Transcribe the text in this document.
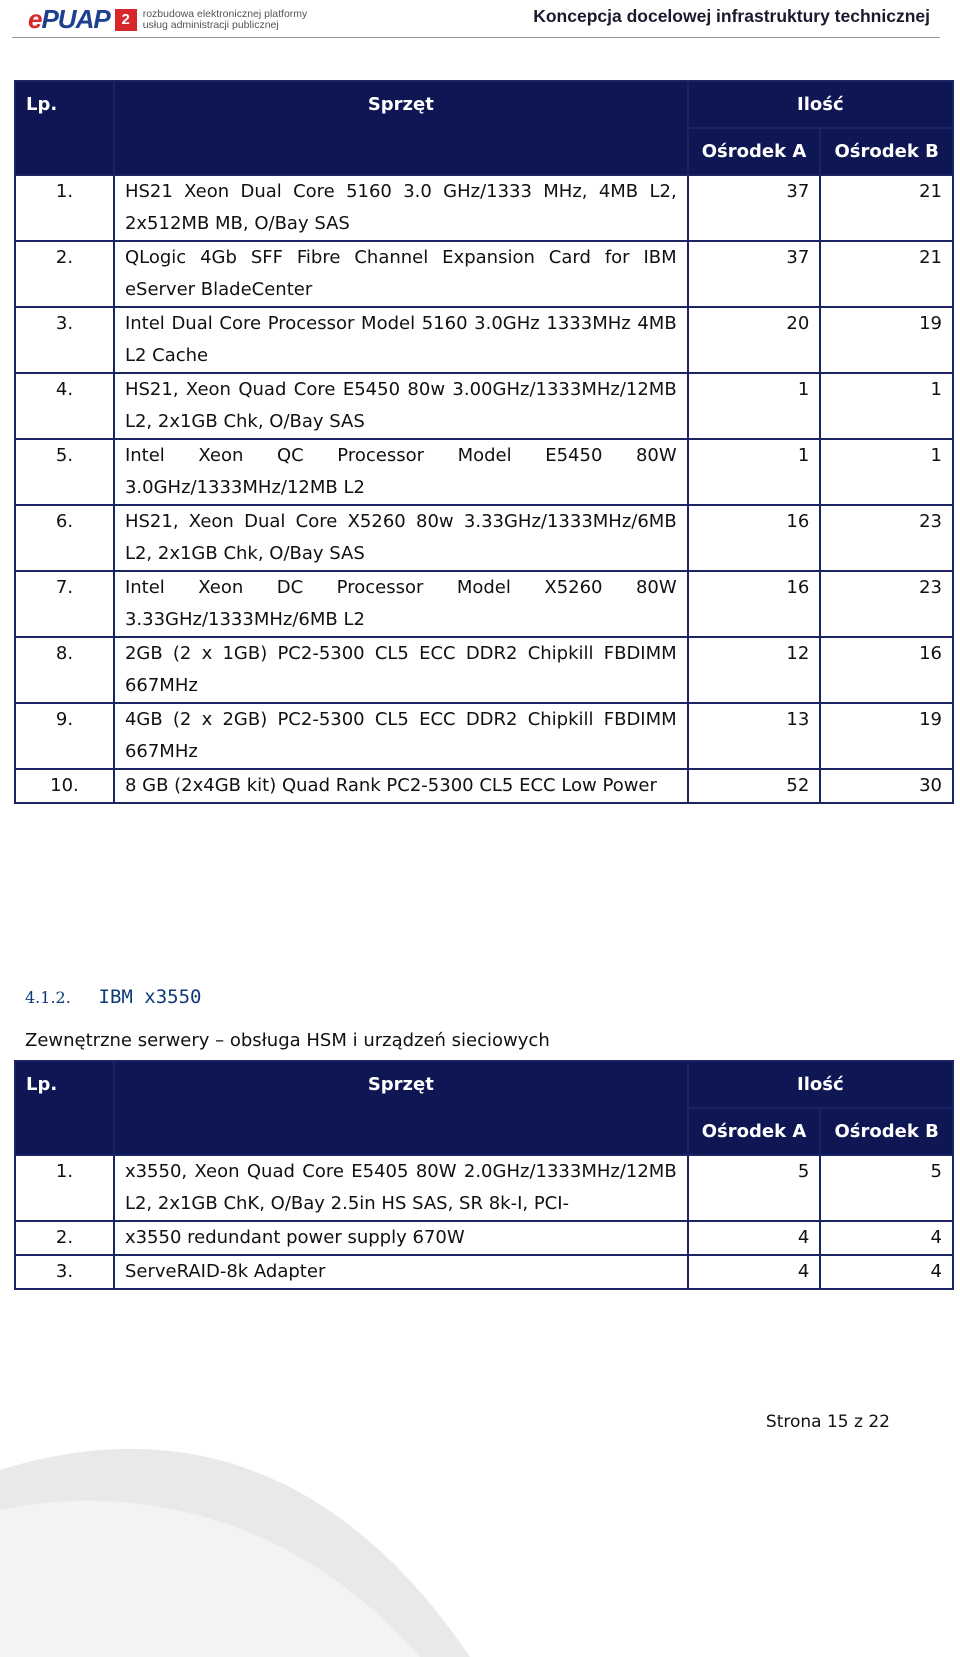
ePUAP 2	rozbudowa elektronicznej platformy
usług administracji publicznej	Koncepcja docelowej infrastruktury technicznej
Lp.	Sprzęt	Ilość	
		Ośrodek A	Ośrodek B
1.	HS21 Xeon Dual Core 5160 3.0 GHz/1333 MHz, 4MB L2, 2x512MB MB, O/Bay SAS	37	21
2.	QLogic 4Gb SFF Fibre Channel Expansion Card for IBM eServer BladeCenter	37	21
3.	Intel Dual Core Processor Model 5160 3.0GHz 1333MHz 4MB L2 Cache	20	19
4.	HS21, Xeon Quad Core E5450 80w 3.00GHz/1333MHz/12MB L2, 2x1GB Chk, O/Bay SAS	1	1
5.	Intel Xeon QC Processor Model E5450 80W 3.0GHz/1333MHz/12MB L2	1	1
6.	HS21, Xeon Dual Core X5260 80w 3.33GHz/1333MHz/6MB L2, 2x1GB Chk, O/Bay SAS	16	23
7.	Intel Xeon DC Processor Model X5260 80W 3.33GHz/1333MHz/6MB L2	16	23
8.	2GB (2 x 1GB) PC2-5300 CL5 ECC DDR2 Chipkill FBDIMM 667MHz	12	16
9.	4GB (2 x 2GB) PC2-5300 CL5 ECC DDR2 Chipkill FBDIMM 667MHz	13	19
10.	8 GB (2x4GB kit) Quad Rank PC2-5300 CL5 ECC Low Power	52	30
4.1.2. IBM x3550
Zewnętrzne serwery – obsługa HSM i urządzeń sieciowych
Lp.	Sprzęt	Ilość	
		Ośrodek A	Ośrodek B
1.	x3550, Xeon Quad Core E5405 80W 2.0GHz/1333MHz/12MB L2, 2x1GB ChK, O/Bay 2.5in HS SAS, SR 8k-I, PCI-	5	5
2.	x3550 redundant power supply 670W	4	4
3.	ServeRAID-8k Adapter	4	4
Strona 15 z 22
